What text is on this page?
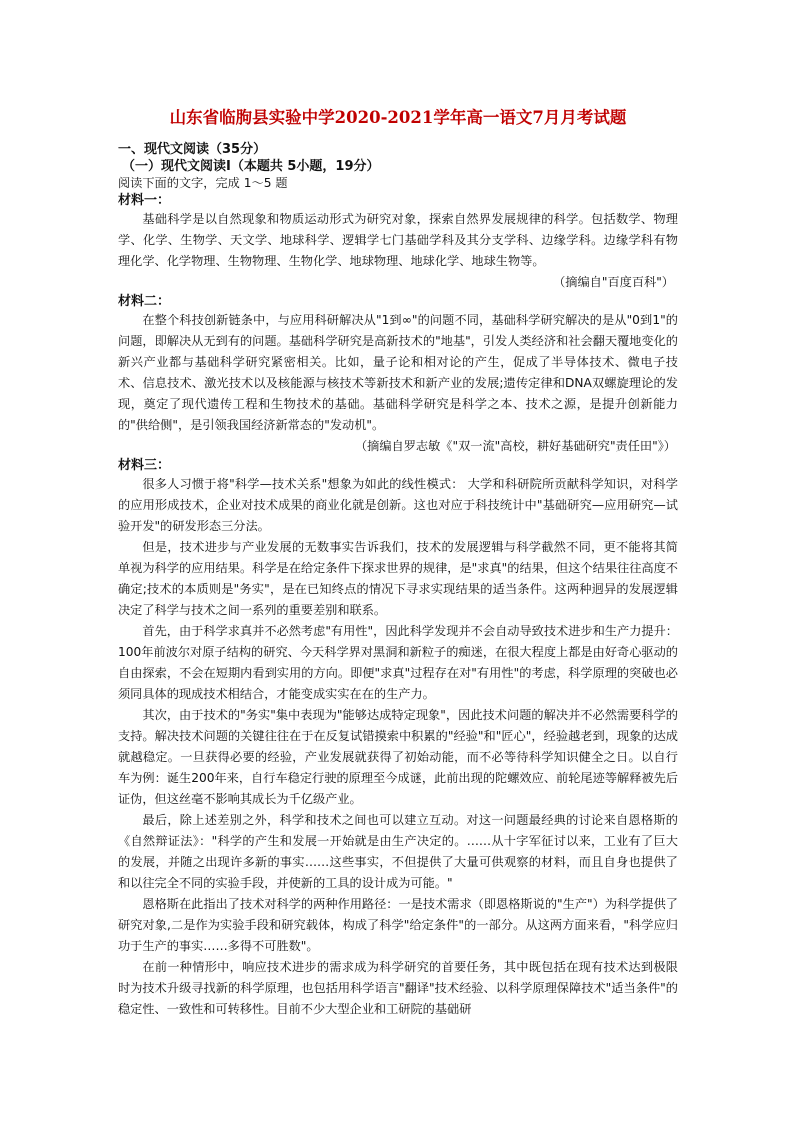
山东省临朐县实验中学2020-2021学年高一语文7月月考试题

一、现代文阅读（35分）

（一）现代文阅读Ⅰ（本题共 5小题，19分）

阅读下面的文字，完成 1～5 题

材料一：

基础科学是以自然现象和物质运动形式为研究对象，探索自然界发展规律的科学。包括数学、物理学、化学、生物学、天文学、地球科学、逻辑学七门基础学科及其分支学科、边缘学科。边缘学科有物理化学、化学物理、生物物理、生物化学、地球物理、地球化学、地球生物等。

（摘编自"百度百科"）

材料二：

在整个科技创新链条中，与应用科研解决从"1到∞"的问题不同，基础科学研究解决的是从"0到1"的问题，即解决从无到有的问题。基础科学研究是高新技术的"地基"，引发人类经济和社会翻天覆地变化的新兴产业都与基础科学研究紧密相关。比如，量子论和相对论的产生，促成了半导体技术、微电子技术、信息技术、激光技术以及核能源与核技术等新技术和新产业的发展;遗传定律和DNA双螺旋理论的发现，奠定了现代遗传工程和生物技术的基础。基础科学研究是科学之本、技术之源，是提升创新能力的"供给侧"，是引领我国经济新常态的"发动机"。

（摘编自罗志敏《"双一流"高校，耕好基础研究"责任田"》）

材料三：

很多人习惯于将"科学—技术关系"想象为如此的线性模式： 大学和科研院所贡献科学知识，对科学的应用形成技术，企业对技术成果的商业化就是创新。这也对应于科技统计中"基础研究—应用研究—试验开发"的研发形态三分法。

但是，技术进步与产业发展的无数事实告诉我们，技术的发展逻辑与科学截然不同，更不能将其简单视为科学的应用结果。科学是在给定条件下探求世界的规律，是"求真"的结果，但这个结果往往高度不确定;技术的本质则是"务实"，是在已知终点的情况下寻求实现结果的适当条件。这两种迥异的发展逻辑决定了科学与技术之间一系列的重要差别和联系。

首先，由于科学求真并不必然考虑"有用性"，因此科学发现并不会自动导致技术进步和生产力提升： 100年前波尔对原子结构的研究、今天科学界对黑洞和新粒子的痴迷，在很大程度上都是由好奇心驱动的自由探索，不会在短期内看到实用的方向。即便"求真"过程存在对"有用性"的考虑，科学原理的突破也必须同具体的现成技术相结合，才能变成实实在在的生产力。

其次，由于技术的"务实"集中表现为"能够达成特定现象"，因此技术问题的解决并不必然需要科学的支持。解决技术问题的关键往往在于在反复试错摸索中积累的"经验"和"匠心"，经验越老到，现象的达成就越稳定。一旦获得必要的经验，产业发展就获得了初始动能，而不必等待科学知识健全之日。以自行车为例：诞生200年来，自行车稳定行驶的原理至今成谜，此前出现的陀螺效应、前轮尾迹等解释被先后证伪，但这丝毫不影响其成长为千亿级产业。

最后，除上述差别之外，科学和技术之间也可以建立互动。对这一问题最经典的讨论来自恩格斯的《自然辩证法》："科学的产生和发展一开始就是由生产决定的。……从十字军征讨以来，工业有了巨大的发展，并随之出现许多新的事实……这些事实，不但提供了大量可供观察的材料，而且自身也提供了和以往完全不同的实验手段，并使新的工具的设计成为可能。"

恩格斯在此指出了技术对科学的两种作用路径：一是技术需求（即恩格斯说的"生产"）为科学提供了研究对象,二是作为实验手段和研究载体，构成了科学"给定条件"的一部分。从这两方面来看，"科学应归功于生产的事实……多得不可胜数"。

在前一种情形中，响应技术进步的需求成为科学研究的首要任务，其中既包括在现有技术达到极限时为技术升级寻找新的科学原理，也包括用科学语言"翻译"技术经验、以科学原理保障技术"适当条件"的稳定性、一致性和可转移性。目前不少大型企业和工研院的基础研
